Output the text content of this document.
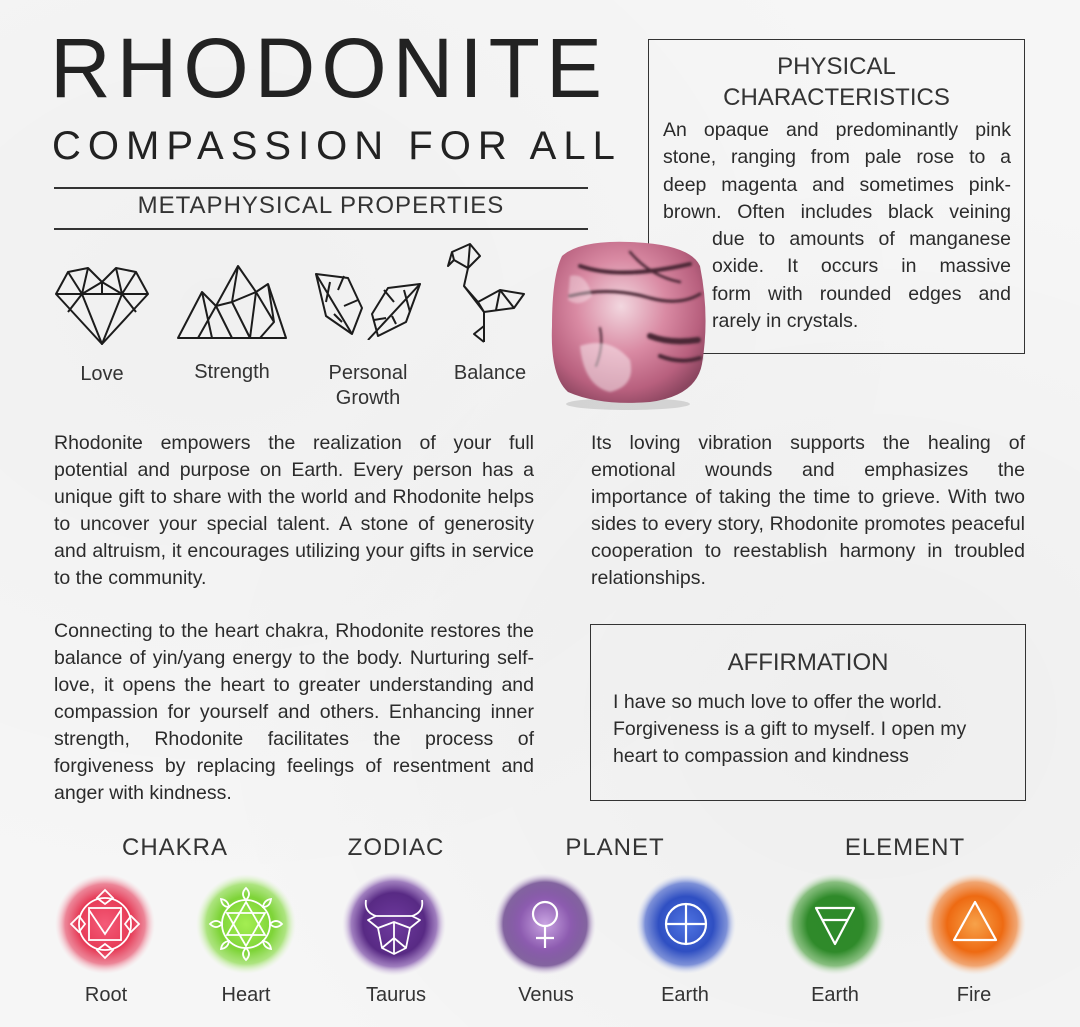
RHODONITE
COMPASSION FOR ALL
METAPHYSICAL PROPERTIES
Love	Strength	Personal
Growth
Balance
PHYSICAL
CHARACTERISTICS
An opaque and predominantly pink
stone, ranging from pale rose to a
deep magenta and sometimes pink-
brown. Often includes black veining
due to amounts of manganese
oxide. It occurs in massive
form with rounded edges and
rarely in crystals.
Rhodonite empowers the realization of your full potential and purpose on Earth. Every person has a unique gift to share with the world and Rhodonite helps to uncover your special talent. A stone of generosity and altruism, it encourages utilizing your gifts in service to the community.
Connecting to the heart chakra, Rhodonite restores the balance of yin/yang energy to the body. Nurturing self-love, it opens the heart to greater understanding and compassion for yourself and others. Enhancing inner strength, Rhodonite facilitates the process of forgiveness by replacing feelings of resentment and anger with kindness.
Its loving vibration supports the healing of emotional wounds and emphasizes the importance of taking the time to grieve. With two sides to every story, Rhodonite promotes peaceful cooperation to reestablish harmony in troubled relationships.
AFFIRMATION
I have so much love to offer the world. Forgiveness is a gift to myself. I open my heart to compassion and kindness
CHAKRA	ZODIAC	PLANET	ELEMENT
Root	Heart	Taurus	Venus	Earth	Earth	Fire
